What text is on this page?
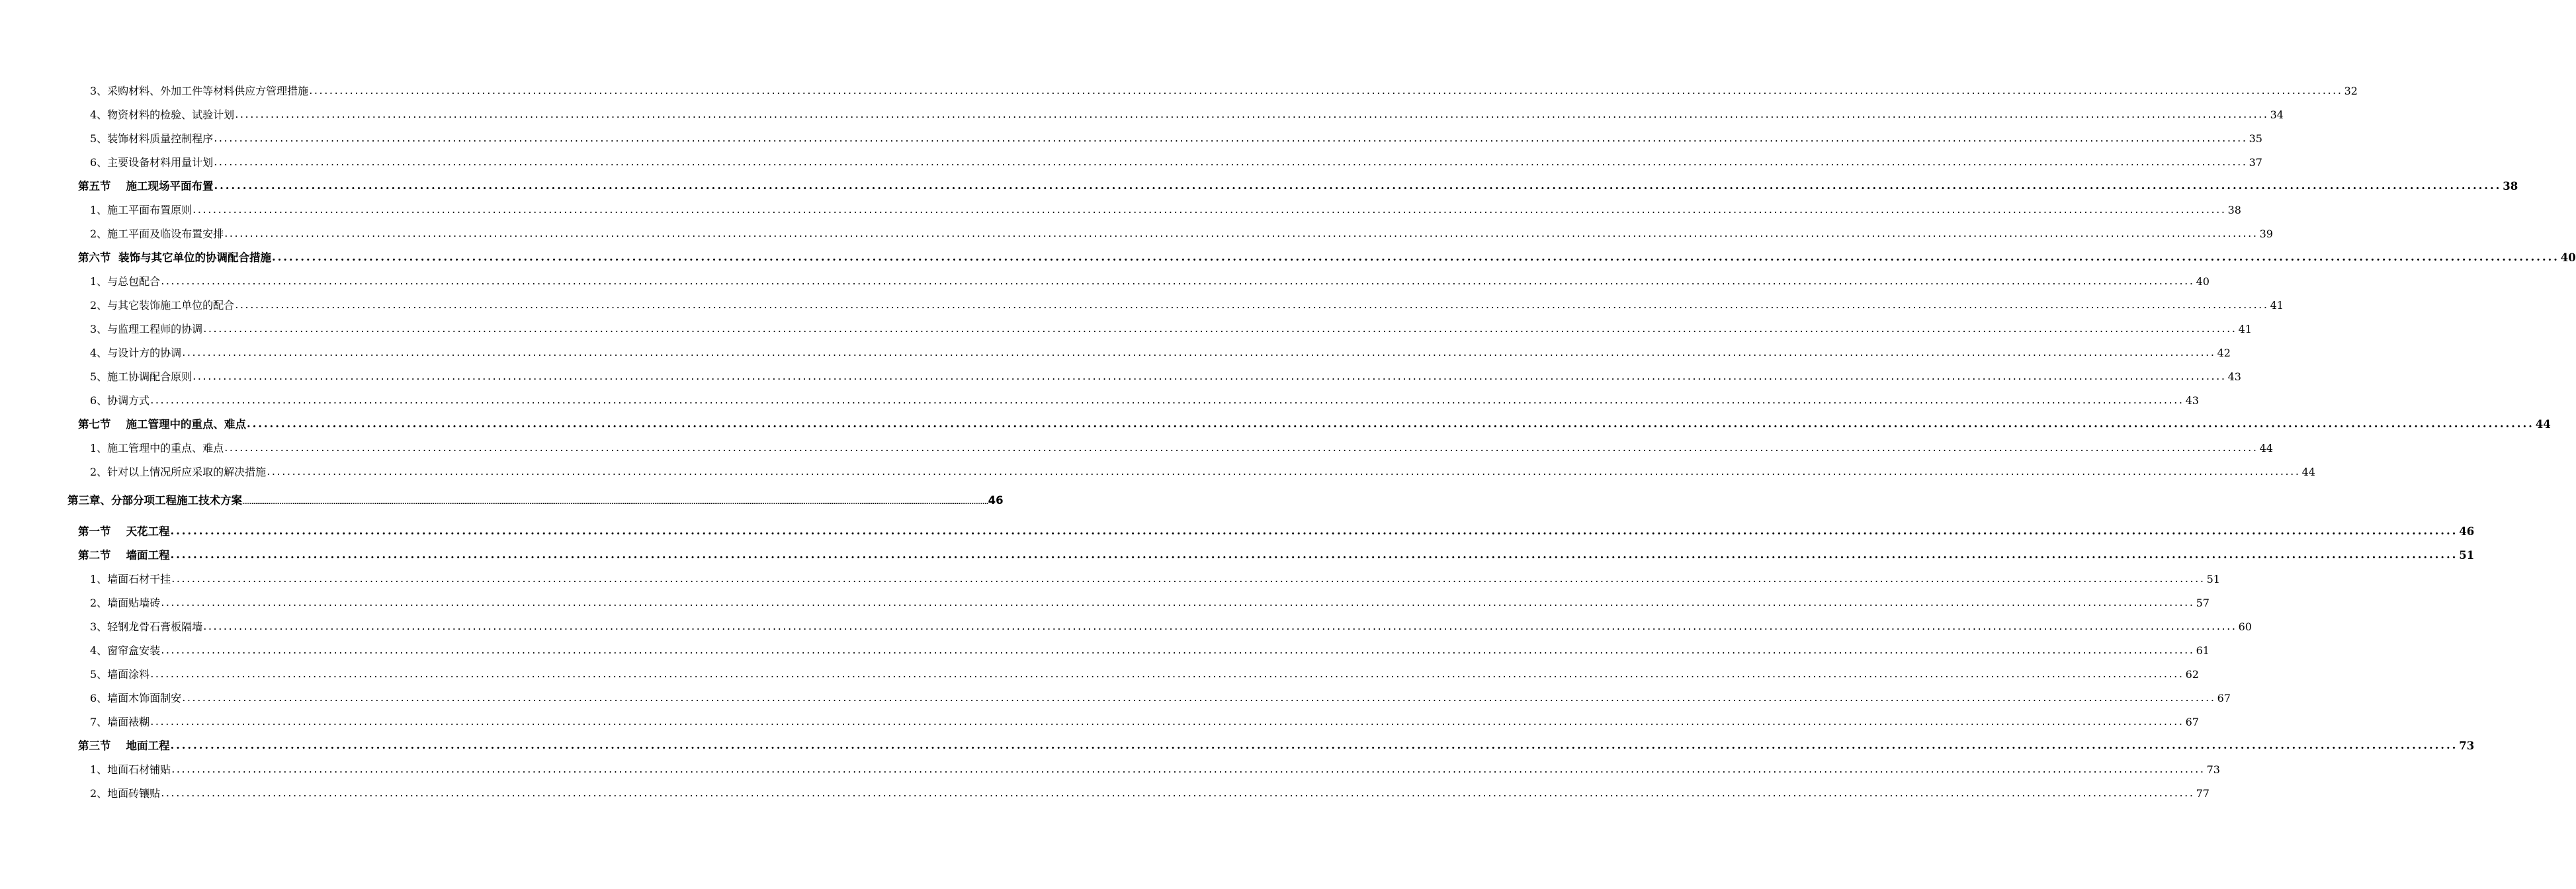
3、采购材料、外加工件等材料供应方管理措施 ................................................................................................................................................................................................................................................................................................................................................................................................................ 32
4、物资材料的检验、试验计划 ................................................................................................................................................................................................................................................................................................................................................................................................................ 34
5、装饰材料质量控制程序 ................................................................................................................................................................................................................................................................................................................................................................................................................ 35
6、主要设备材料用量计划 ................................................................................................................................................................................................................................................................................................................................................................................................................ 37
第五节    施工现场平面布置 ................................................................................................................................................................................................................................................................................................................................................................................................................ 38
1、施工平面布置原则 ................................................................................................................................................................................................................................................................................................................................................................................................................ 38
2、施工平面及临设布置安排 ................................................................................................................................................................................................................................................................................................................................................................................................................ 39
第六节  装饰与其它单位的协调配合措施 ................................................................................................................................................................................................................................................................................................................................................................................................................ 40
1、与总包配合 ................................................................................................................................................................................................................................................................................................................................................................................................................ 40
2、与其它装饰施工单位的配合 ................................................................................................................................................................................................................................................................................................................................................................................................................ 41
3、与监理工程师的协调 ................................................................................................................................................................................................................................................................................................................................................................................................................ 41
4、与设计方的协调 ................................................................................................................................................................................................................................................................................................................................................................................................................ 42
5、施工协调配合原则 ................................................................................................................................................................................................................................................................................................................................................................................................................ 43
6、协调方式 ................................................................................................................................................................................................................................................................................................................................................................................................................ 43
第七节    施工管理中的重点、难点 ................................................................................................................................................................................................................................................................................................................................................................................................................ 44
1、施工管理中的重点、难点 ................................................................................................................................................................................................................................................................................................................................................................................................................ 44
2、针对以上情况所应采取的解决措施 ................................................................................................................................................................................................................................................................................................................................................................................................................ 44
第三章、分部分项工程施工技术方案 ................................................................................................................................................................................................................................................................................................................................................................................................................ 46
第一节    天花工程 ................................................................................................................................................................................................................................................................................................................................................................................................................ 46
第二节    墙面工程 ................................................................................................................................................................................................................................................................................................................................................................................................................ 51
1、墙面石材干挂 ................................................................................................................................................................................................................................................................................................................................................................................................................ 51
2、墙面贴墙砖 ................................................................................................................................................................................................................................................................................................................................................................................................................ 57
3、轻钢龙骨石膏板隔墙 ................................................................................................................................................................................................................................................................................................................................................................................................................ 60
4、窗帘盒安装 ................................................................................................................................................................................................................................................................................................................................................................................................................ 61
5、墙面涂料 ................................................................................................................................................................................................................................................................................................................................................................................................................ 62
6、墙面木饰面制安 ................................................................................................................................................................................................................................................................................................................................................................................................................ 67
7、墙面裱糊 ................................................................................................................................................................................................................................................................................................................................................................................................................ 67
第三节    地面工程 ................................................................................................................................................................................................................................................................................................................................................................................................................ 73
1、地面石材铺贴 ................................................................................................................................................................................................................................................................................................................................................................................................................ 73
2、地面砖镶贴 ................................................................................................................................................................................................................................................................................................................................................................................................................ 77
